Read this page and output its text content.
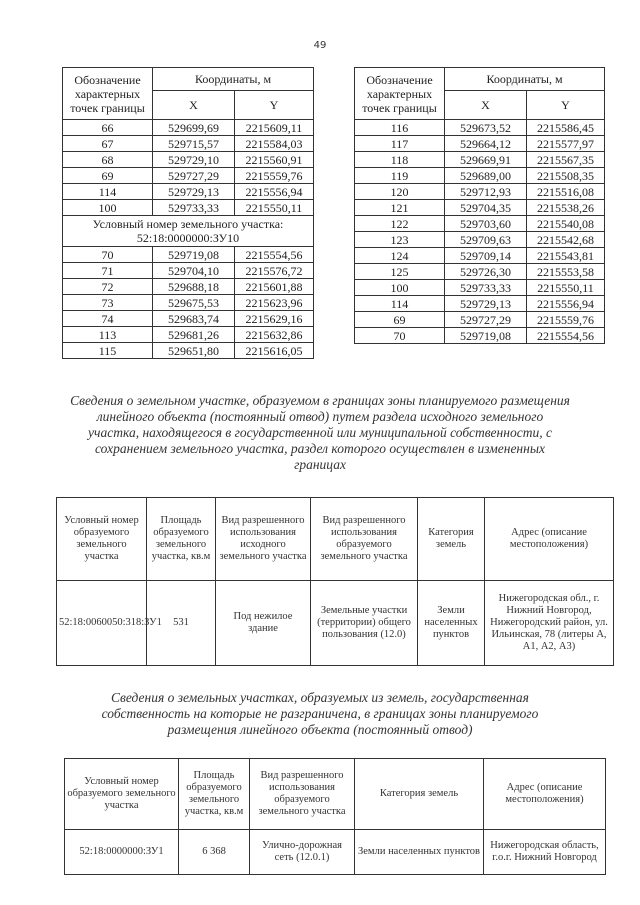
49
Обозначение характерных точек границы	Координаты, м	
	X	Y
66	529699,69	2215609,11
67	529715,57	2215584,03
68	529729,10	2215560,91
69	529727,29	2215559,76
114	529729,13	2215556,94
100	529733,33	2215550,11
Условный номер земельного участка: 52:18:0000000:ЗУ10		
70	529719,08	2215554,56
71	529704,10	2215576,72
72	529688,18	2215601,88
73	529675,53	2215623,96
74	529683,74	2215629,16
113	529681,26	2215632,86
115	529651,80	2215616,05
Обозначение характерных точек границы	Координаты, м	
	X	Y
116	529673,52	2215586,45
117	529664,12	2215577,97
118	529669,91	2215567,35
119	529689,00	2215508,35
120	529712,93	2215516,08
121	529704,35	2215538,26
122	529703,60	2215540,08
123	529709,63	2215542,68
124	529709,14	2215543,81
125	529726,30	2215553,58
100	529733,33	2215550,11
114	529729,13	2215556,94
69	529727,29	2215559,76
70	529719,08	2215554,56
Сведения о земельном участке, образуемом в границах зоны планируемого размещения линейного объекта (постоянный отвод) путем раздела исходного земельного участка, находящегося в государственной или муниципальной собственности, с сохранением земельного участка, раздел которого осуществлен в измененных границах
Условный номер образуемого земельного участка	Площадь образуемого земельного участка, кв.м	Вид разрешенного использования исходного земельного участка	Вид разрешенного использования образуемого земельного участка	Категория земель	Адрес (описание местоположения)
52:18:0060050:318:ЗУ1	531	Под нежилое здание	Земельные участки (территории) общего пользования (12.0)	Земли населенных пунктов	Нижегородская обл., г. Нижний Новгород, Нижегородский район, ул. Ильинская, 78 (литеры А, А1, А2, А3)
Сведения о земельных участках, образуемых из земель, государственная собственность на которые не разграничена, в границах зоны планируемого размещения линейного объекта (постоянный отвод)
Условный номер образуемого земельного участка	Площадь образуемого земельного участка, кв.м	Вид разрешенного использования образуемого земельного участка	Категория земель	Адрес (описание местоположения)
52:18:0000000:ЗУ1	6 368	Улично-дорожная сеть (12.0.1)	Земли населенных пунктов	Нижегородская область, г.о.г. Нижний Новгород
